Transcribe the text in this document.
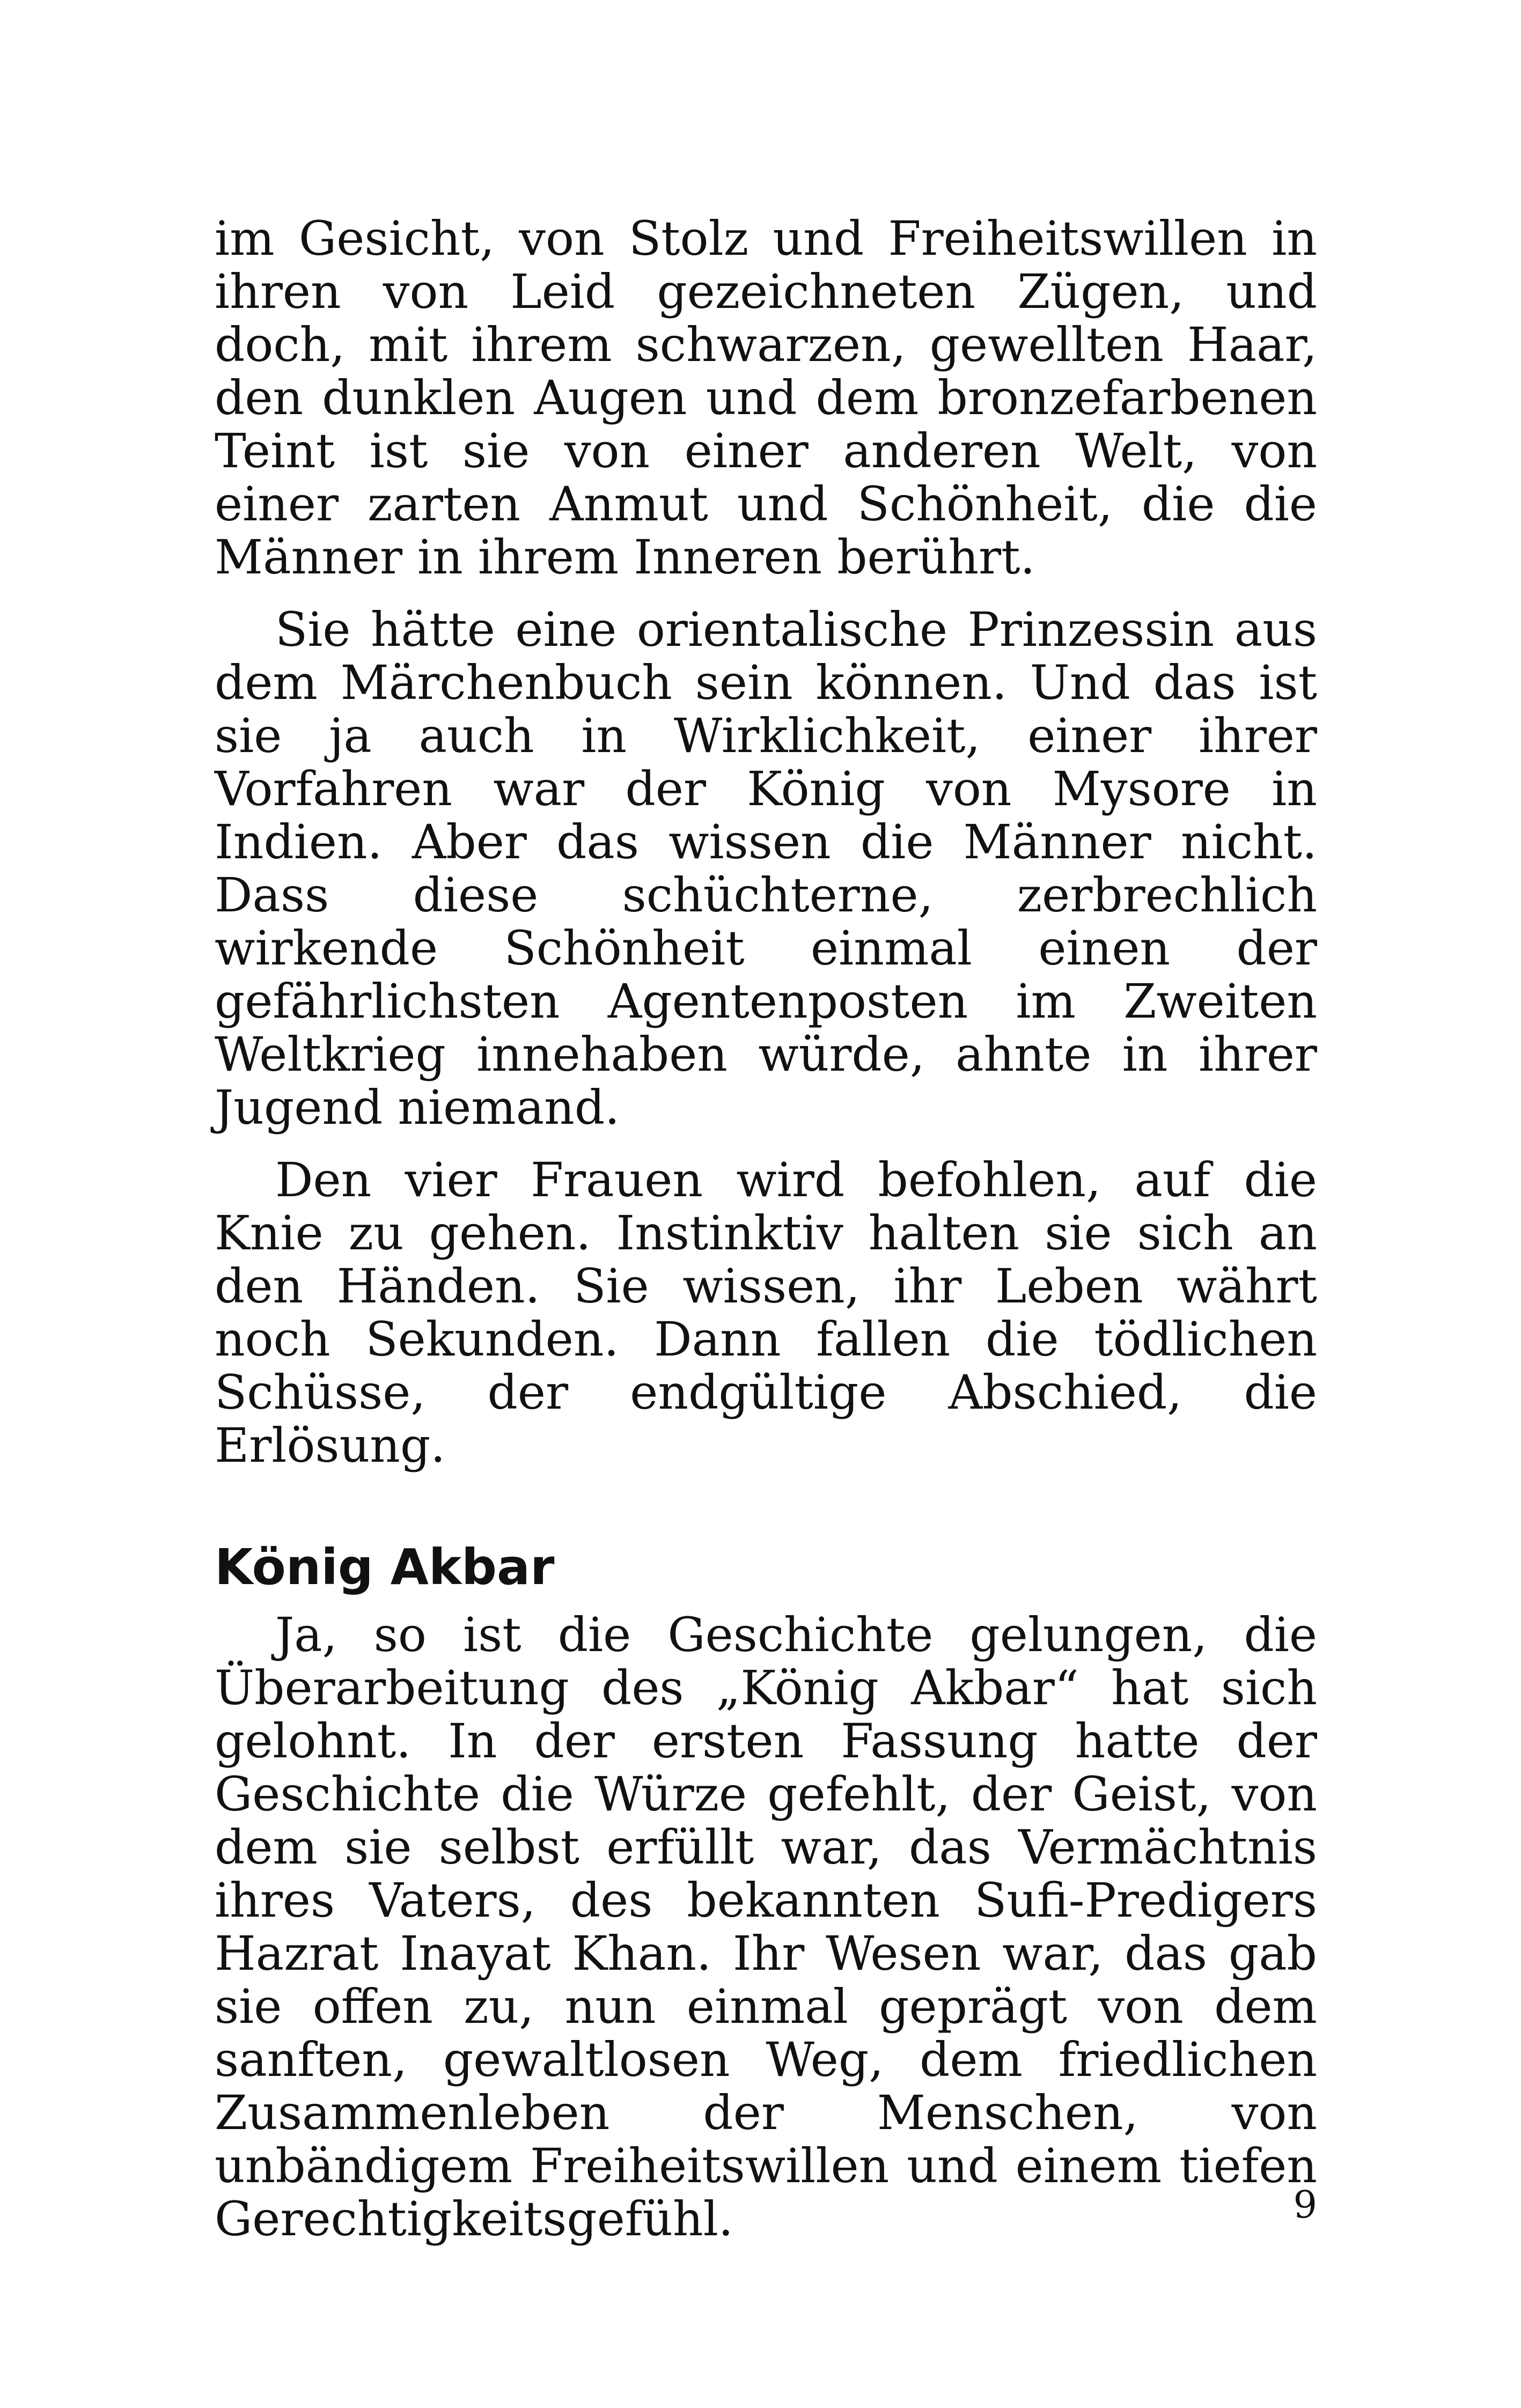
im Gesicht, von Stolz und Freiheitswillen in ihren von Leid gezeichneten Zügen, und doch, mit ihrem schwarzen, gewellten Haar, den dunklen Augen und dem bronzefarbenen Teint ist sie von einer anderen Welt, von einer zarten Anmut und Schönheit, die die Männer in ihrem Inneren berührt.

Sie hätte eine orientalische Prinzessin aus dem Märchenbuch sein können. Und das ist sie ja auch in Wirklichkeit, einer ihrer Vorfahren war der König von Mysore in Indien. Aber das wissen die Männer nicht. Dass diese schüchterne, zerbrechlich wirkende Schönheit einmal einen der gefährlichsten Agentenposten im Zweiten Weltkrieg innehaben würde, ahnte in ihrer Jugend niemand.

Den vier Frauen wird befohlen, auf die Knie zu gehen. Instinktiv halten sie sich an den Händen. Sie wissen, ihr Leben währt noch Sekunden. Dann fallen die tödlichen Schüsse, der endgültige Abschied, die Erlösung.

König Akbar

Ja, so ist die Geschichte gelungen, die Überarbeitung des „König Akbar“ hat sich gelohnt. In der ersten Fassung hatte der Geschichte die Würze gefehlt, der Geist, von dem sie selbst erfüllt war, das Vermächtnis ihres Vaters, des bekannten Sufi-Predigers Hazrat Inayat Khan. Ihr Wesen war, das gab sie offen zu, nun einmal geprägt von dem sanften, gewaltlosen Weg, dem friedlichen Zusammenleben der Menschen, von unbändigem Freiheitswillen und einem tiefen Gerechtigkeitsgefühl.	9
